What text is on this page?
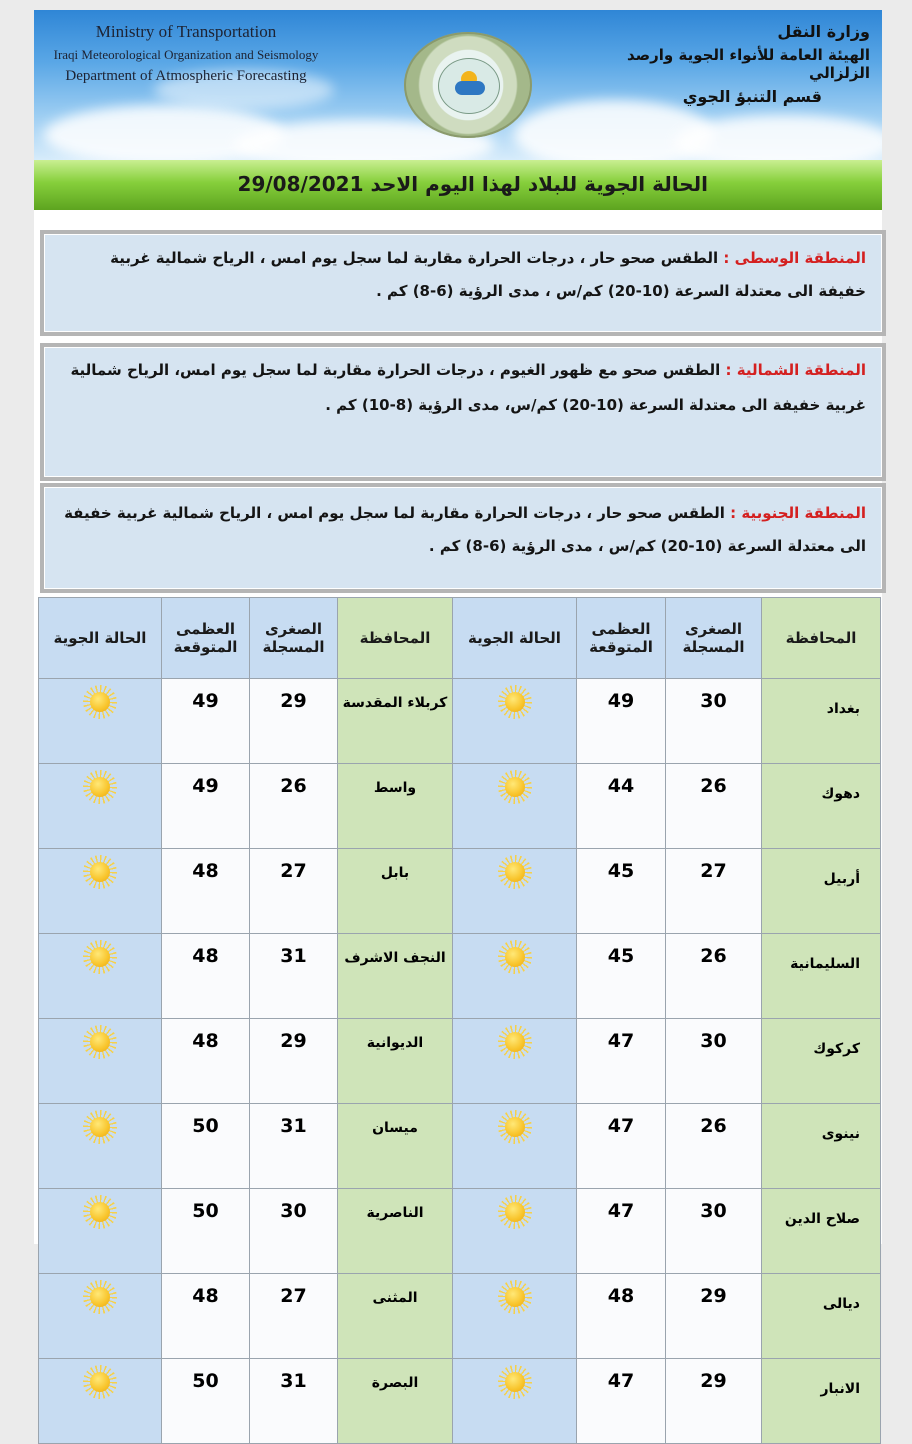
Ministry of Transportation
Iraqi Meteorological Organization and Seismology
Department of Atmospheric Forecasting
وزارة النقل
الهيئة العامة للأنواء الجوية وارصد الزلزالي
قسم التنبؤ الجوي
الحالة الجوية للبلاد لهذا اليوم الاحد 29/08/2021
المنطقة الوسطى : الطقس صحو حار ، درجات الحرارة مقاربة لما سجل يوم امس ، الرياح شمالية غربية خفيفة الى معتدلة السرعة (10-20) كم/س ، مدى الرؤية (6-8) كم .
المنطقة الشمالية : الطقس صحو مع ظهور الغيوم ، درجات الحرارة مقاربة لما سجل يوم امس، الرياح شمالية غربية خفيفة الى معتدلة السرعة (10-20) كم/س، مدى الرؤية (8-10) كم .
المنطقة الجنوبية : الطقس صحو حار ، درجات الحرارة مقاربة لما سجل يوم امس ، الرياح شمالية غربية خفيفة الى معتدلة السرعة (10-20) كم/س ، مدى الرؤية (6-8) كم .
الحالة الجوية	العظمى المتوقعة	الصغرى المسجلة	المحافظة	الحالة الجوية	العظمى المتوقعة	الصغرى المسجلة	المحافظة

	49	29	كربلاء المقدسة		49	30	بغداد

	49	26	واسط		44	26	دهوك

	48	27	بابل		45	27	أربيل

	48	31	النجف الاشرف		45	26	السليمانية

	48	29	الديوانية		47	30	كركوك

	50	31	ميسان		47	26	نينوى

	50	30	الناصرية		47	30	صلاح الدين

	48	27	المثنى		48	29	ديالى

	50	31	البصرة		47	29	الانبار
